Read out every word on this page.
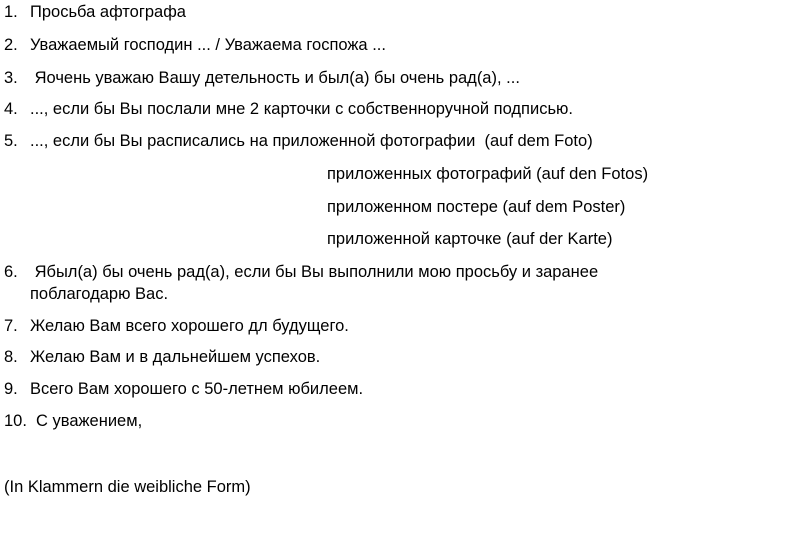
1. Просьба афтографа
2. Уважаемый господин ... / Уважаема госпожа ...
3. Яочень уважаю Вашу детельность и был(а) бы очень рад(а), ...
4. ..., если бы Вы послали мне 2 карточки с собственноручной подписью.
5. ..., если бы Вы расписались на приложенной фотографии  (auf dem Foto)
приложенных фотографий (auf den Fotos)
приложенном постере (auf dem Poster)
приложенной карточке (auf der Karte)
6. Ябыл(а) бы очень рад(а), если бы Вы выполнили мою просьбу и заранее
поблагодарю Вас.
7. Желаю Вам всего хорошего дл будущего.
8. Желаю Вам и в дальнейшем успехов.
9. Всего Вам хорошего с 50-летнем юбилеем.
10. С уважением,
(In Klammern die weibliche Form)
